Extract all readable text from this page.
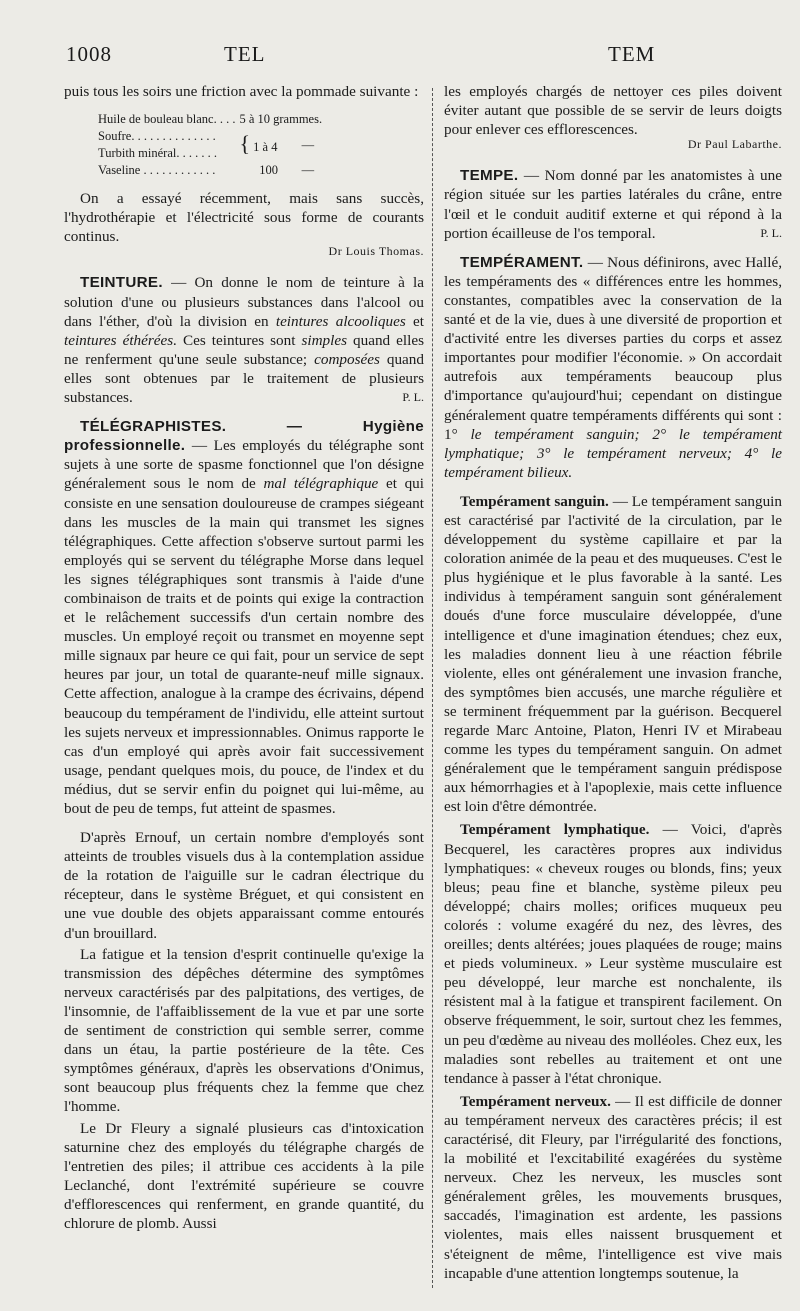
1008	TEL	TEM

puis tous les soirs une friction avec la pommade suivante :

Huile de bouleau blanc. . . .	5 à 10 grammes.	
Soufre. . . . . . . . . . . . . .	{ 1 à 4	—
Turbith minéral. . . . . . .		
Vaseline . . . . . . . . . . . .	100	—

On a essayé récemment, mais sans succès, l'hydrothérapie et l'électricité sous forme de courants continus.

Dr Louis Thomas.

TEINTURE. — On donne le nom de teinture à la solution d'une ou plusieurs substances dans l'alcool ou dans l'éther, d'où la division en teintures alcooliques et teintures éthérées. Ces teintures sont simples quand elles ne renferment qu'une seule substance; composées quand elles sont obtenues par le traitement de plusieurs substances.	P. L.

TÉLÉGRAPHISTES. — Hygiène professionnelle. — Les employés du télégraphe sont sujets à une sorte de spasme fonctionnel que l'on désigne généralement sous le nom de mal télégraphique et qui consiste en une sensation douloureuse de crampes siégeant dans les muscles de la main qui transmet les signes télégraphiques. Cette affection s'observe surtout parmi les employés qui se servent du télégraphe Morse dans lequel les signes télégraphiques sont transmis à l'aide d'une combinaison de traits et de points qui exige la contraction et le relâchement successifs d'un certain nombre des muscles. Un employé reçoit ou transmet en moyenne sept mille signaux par heure ce qui fait, pour un service de sept heures par jour, un total de quarante-neuf mille signaux. Cette affection, analogue à la crampe des écrivains, dépend beaucoup du tempérament de l'individu, elle atteint surtout les sujets nerveux et impressionnables. Onimus rapporte le cas d'un employé qui après avoir fait successivement usage, pendant quelques mois, du pouce, de l'index et du médius, dut se servir enfin du poignet qui lui-même, au bout de peu de temps, fut atteint de spasmes.

D'après Ernouf, un certain nombre d'employés sont atteints de troubles visuels dus à la contemplation assidue de la rotation de l'aiguille sur le cadran électrique du récepteur, dans le système Bréguet, et qui consistent en une vue double des objets apparaissant comme entourés d'un brouillard.

La fatigue et la tension d'esprit continuelle qu'exige la transmission des dépêches détermine des symptômes nerveux caractérisés par des palpitations, des vertiges, de l'insomnie, de l'affaiblissement de la vue et par une sorte de sentiment de constriction qui semble serrer, comme dans un étau, la partie postérieure de la tête. Ces symptômes généraux, d'après les observations d'Onimus, sont beaucoup plus fréquents chez la femme que chez l'homme.

Le Dr Fleury a signalé plusieurs cas d'intoxication saturnine chez des employés du télégraphe chargés de l'entretien des piles; il attribue ces accidents à la pile Leclanché, dont l'extrémité supérieure se couvre d'efflorescences qui renferment, en grande quantité, du chlorure de plomb. Aussi

les employés chargés de nettoyer ces piles doivent éviter autant que possible de se servir de leurs doigts pour enlever ces efflorescences.

Dr Paul Labarthe.

TEMPE. — Nom donné par les anatomistes à une région située sur les parties latérales du crâne, entre l'œil et le conduit auditif externe et qui répond à la portion écailleuse de l'os temporal.	P. L.

TEMPÉRAMENT. — Nous définirons, avec Hallé, les tempéraments des « différences entre les hommes, constantes, compatibles avec la conservation de la santé et de la vie, dues à une diversité de proportion et d'activité entre les diverses parties du corps et assez importantes pour modifier l'économie. » On accordait autrefois aux tempéraments beaucoup plus d'importance qu'aujourd'hui; cependant on distingue généralement quatre tempéraments différents qui sont : 1° le tempérament sanguin; 2° le tempérament lymphatique; 3° le tempérament nerveux; 4° le tempérament bilieux.

Tempérament sanguin. — Le tempérament sanguin est caractérisé par l'activité de la circulation, par le développement du système capillaire et par la coloration animée de la peau et des muqueuses. C'est le plus hygiénique et le plus favorable à la santé. Les individus à tempérament sanguin sont généralement doués d'une force musculaire développée, d'une intelligence et d'une imagination étendues; chez eux, les maladies donnent lieu à une réaction fébrile violente, elles ont généralement une invasion franche, des symptômes bien accusés, une marche régulière et se terminent fréquemment par la guérison. Becquerel regarde Marc Antoine, Platon, Henri IV et Mirabeau comme les types du tempérament sanguin. On admet généralement que le tempérament sanguin prédispose aux hémorrhagies et à l'apoplexie, mais cette influence est loin d'être démontrée.

Tempérament lymphatique. — Voici, d'après Becquerel, les caractères propres aux individus lymphatiques: « cheveux rouges ou blonds, fins; yeux bleus; peau fine et blanche, système pileux peu développé; chairs molles; orifices muqueux peu colorés : volume exagéré du nez, des lèvres, des oreilles; dents altérées; joues plaquées de rouge; mains et pieds volumineux. » Leur système musculaire est peu développé, leur marche est nonchalente, ils résistent mal à la fatigue et transpirent facilement. On observe fréquemment, le soir, surtout chez les femmes, un peu d'œdème au niveau des molléoles. Chez eux, les maladies sont rebelles au traitement et ont une tendance à passer à l'état chronique.

Tempérament nerveux. — Il est difficile de donner au tempérament nerveux des caractères précis; il est caractérisé, dit Fleury, par l'irrégularité des fonctions, la mobilité et l'excitabilité exagérées du système nerveux. Chez les nerveux, les muscles sont généralement grêles, les mouvements brusques, saccadés, l'imagination est ardente, les passions violentes, mais elles naissent brusquement et s'éteignent de même, l'intelligence est vive mais incapable d'une attention longtemps soutenue, la
